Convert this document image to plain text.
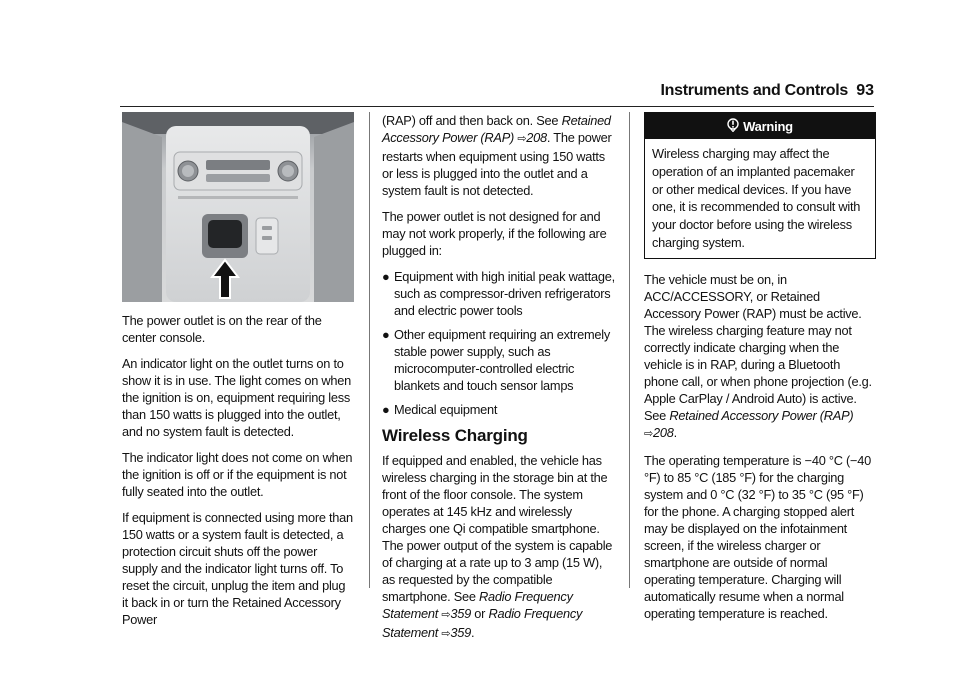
Instruments and Controls 93

The power outlet is on the rear of the center console.

An indicator light on the outlet turns on to show it is in use. The light comes on when the ignition is on, equipment requiring less than 150 watts is plugged into the outlet, and no system fault is detected.

The indicator light does not come on when the ignition is off or if the equipment is not fully seated into the outlet.

If equipment is connected using more than 150 watts or a system fault is detected, a protection circuit shuts off the power supply and the indicator light turns off. To reset the circuit, unplug the item and plug it back in or turn the Retained Accessory Power

(RAP) off and then back on. See Retained Accessory Power (RAP) ⇨208. The power restarts when equipment using 150 watts or less is plugged into the outlet and a system fault is not detected.

The power outlet is not designed for and may not work properly, if the following are plugged in:

● Equipment with high initial peak wattage, such as compressor-driven refrigerators and electric power tools
● Other equipment requiring an extremely stable power supply, such as microcomputer-controlled electric blankets and touch sensor lamps
● Medical equipment
Wireless Charging

If equipped and enabled, the vehicle has wireless charging in the storage bin at the front of the floor console. The system operates at 145 kHz and wirelessly charges one Qi compatible smartphone. The power output of the system is capable of charging at a rate up to 3 amp (15 W), as requested by the compatible smartphone. See Radio Frequency Statement ⇨359 or Radio Frequency Statement ⇨359.

Warning
Wireless charging may affect the operation of an implanted pacemaker or other medical devices. If you have one, it is recommended to consult with your doctor before using the wireless charging system.

The vehicle must be on, in ACC/ACCESSORY, or Retained Accessory Power (RAP) must be active. The wireless charging feature may not correctly indicate charging when the vehicle is in RAP, during a Bluetooth phone call, or when phone projection (e.g. Apple CarPlay / Android Auto) is active. See Retained Accessory Power (RAP) ⇨208.

The operating temperature is −40 °C (−40 °F) to 85 °C (185 °F) for the charging system and 0 °C (32 °F) to 35 °C (95 °F) for the phone. A charging stopped alert may be displayed on the infotainment screen, if the wireless charger or smartphone are outside of normal operating temperature. Charging will automatically resume when a normal operating temperature is reached.
